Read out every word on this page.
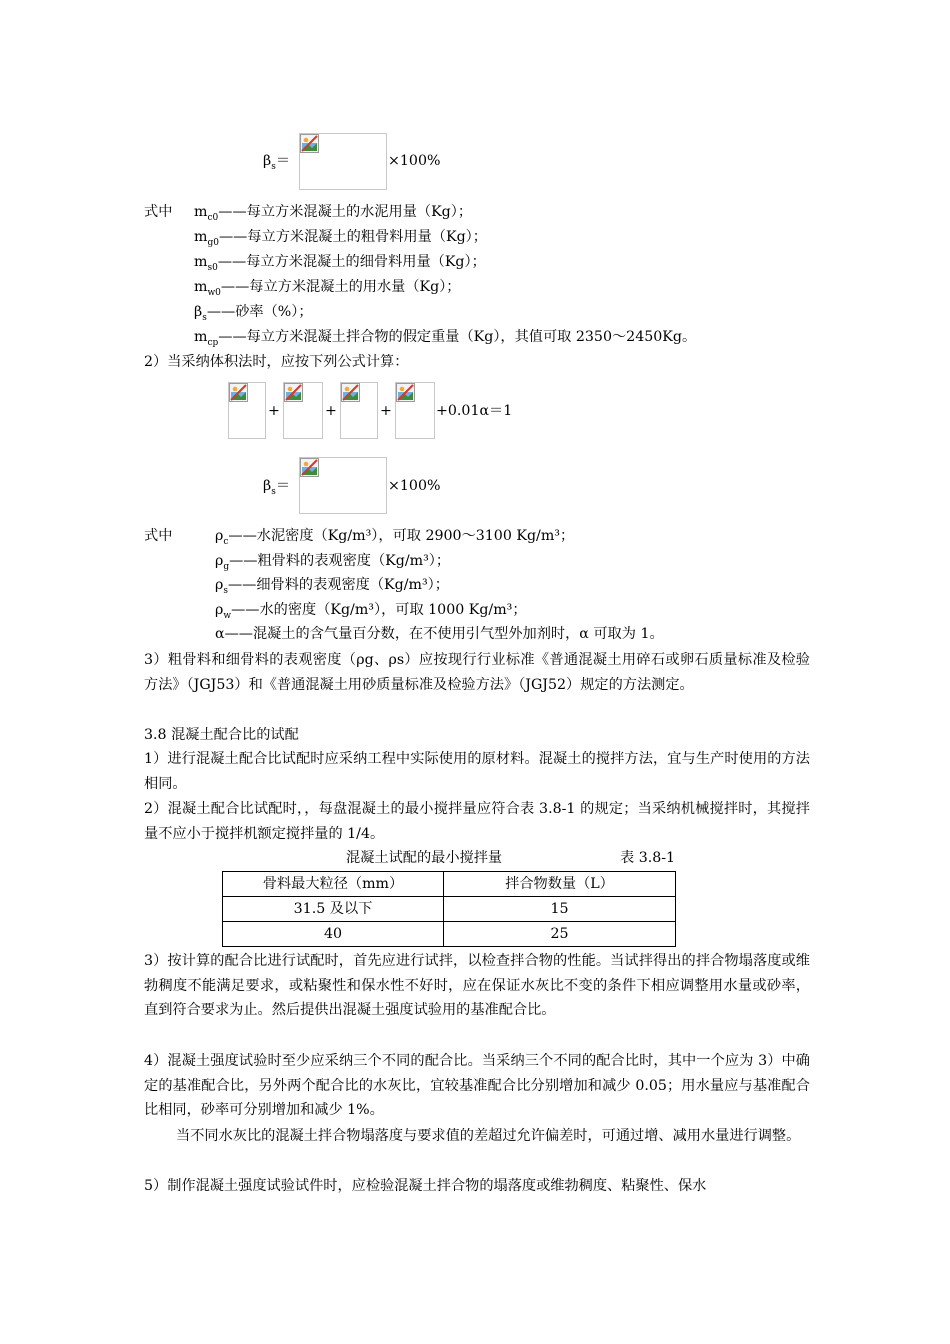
$\beta_s=$	×100%
式中 $m_{c0}——$每立方米混凝土的水泥用量（Kg）；
$m_{g0}——$每立方米混凝土的粗骨料用量（Kg）；
$m_{s0}——$每立方米混凝土的细骨料用量（Kg）；
$m_{w0}——$每立方米混凝土的用水量（Kg）；
$\beta_s——$砂率（%）；
$m_{cp}——$每立方米混凝土拌合物的假定重量（Kg），其值可取 2350～2450Kg。
2）当采纳体积法时，应按下列公式计算：
+	+	+	+0.01α＝1
$\beta_s=$	×100%
式中	$\rho_c——$水泥密度（Kg/m³），可取 2900～3100 Kg/m³；
$\rho_g——$粗骨料的表观密度（Kg/m³）；
$\rho_s——$细骨料的表观密度（Kg/m³）；
$\rho_w——$水的密度（Kg/m³），可取 1000 Kg/m³；
α——混凝土的含气量百分数，在不使用引气型外加剂时，α 可取为 1。
3）粗骨料和细骨料的表观密度（ρg、ρs）应按现行行业标准《普通混凝土用碎石或卵石质量标准及检验方法》（JGJ53）和《普通混凝土用砂质量标准及检验方法》（JGJ52）规定的方法测定。
3.8 混凝土配合比的试配
1）进行混凝土配合比试配时应采纳工程中实际使用的原材料。混凝土的搅拌方法，宜与生产时使用的方法相同。
2）混凝土配合比试配时，，每盘混凝土的最小搅拌量应符合表 3.8-1 的规定；当采纳机械搅拌时，其搅拌量不应小于搅拌机额定搅拌量的 1/4。
混凝土试配的最小搅拌量	表 3.8-1
骨料最大粒径（mm）	拌合物数量（L）
31.5 及以下	15
40	25
3）按计算的配合比进行试配时，首先应进行试拌，以检查拌合物的性能。当试拌得出的拌合物塌落度或维勃稠度不能满足要求，或粘聚性和保水性不好时，应在保证水灰比不变的条件下相应调整用水量或砂率，直到符合要求为止。然后提供出混凝土强度试验用的基准配合比。
4）混凝土强度试验时至少应采纳三个不同的配合比。当采纳三个不同的配合比时，其中一个应为 3）中确定的基准配合比，另外两个配合比的水灰比，宜较基准配合比分别增加和减少 0.05；用水量应与基准配合比相同，砂率可分别增加和减少 1%。
当不同水灰比的混凝土拌合物塌落度与要求值的差超过允许偏差时，可通过增、减用水量进行调整。
5）制作混凝土强度试验试件时，应检验混凝土拌合物的塌落度或维勃稠度、粘聚性、保水
